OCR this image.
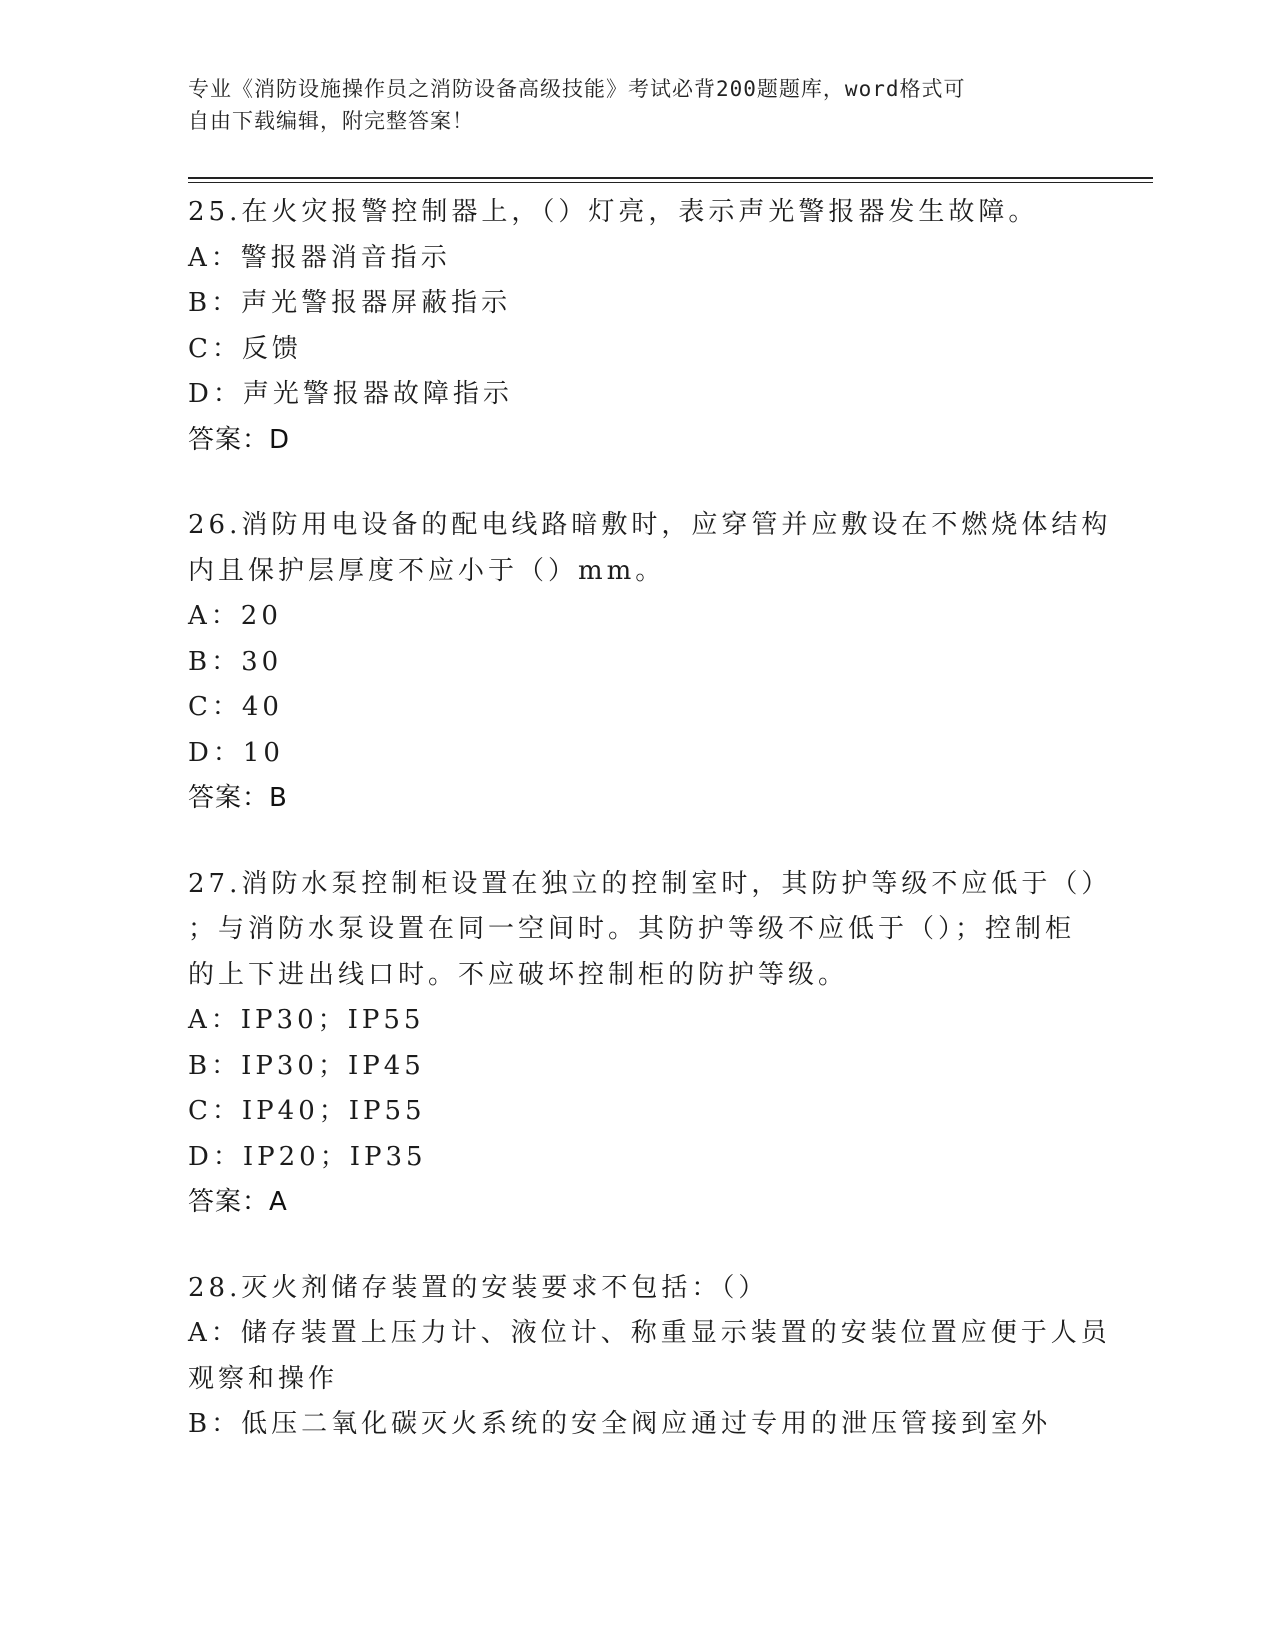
专业《消防设施操作员之消防设备高级技能》考试必背200题题库，word格式可
自由下载编辑，附完整答案！
25.在火灾报警控制器上，（）灯亮，表示声光警报器发生故障。
A：警报器消音指示
B：声光警报器屏蔽指示
C：反馈
D：声光警报器故障指示
答案：D
26.消防用电设备的配电线路暗敷时，应穿管并应敷设在不燃烧体结构
内且保护层厚度不应小于（）mm。
A：20
B：30
C：40
D：10
答案：B
27.消防水泵控制柜设置在独立的控制室时，其防护等级不应低于（）
；与消防水泵设置在同一空间时。其防护等级不应低于（）；控制柜
的上下进出线口时。不应破坏控制柜的防护等级。
A：IP30；IP55
B：IP30；IP45
C：IP40；IP55
D：IP20；IP35
答案：A
28.灭火剂储存装置的安装要求不包括：（）
A：储存装置上压力计、液位计、称重显示装置的安装位置应便于人员
观察和操作
B：低压二氧化碳灭火系统的安全阀应通过专用的泄压管接到室外
